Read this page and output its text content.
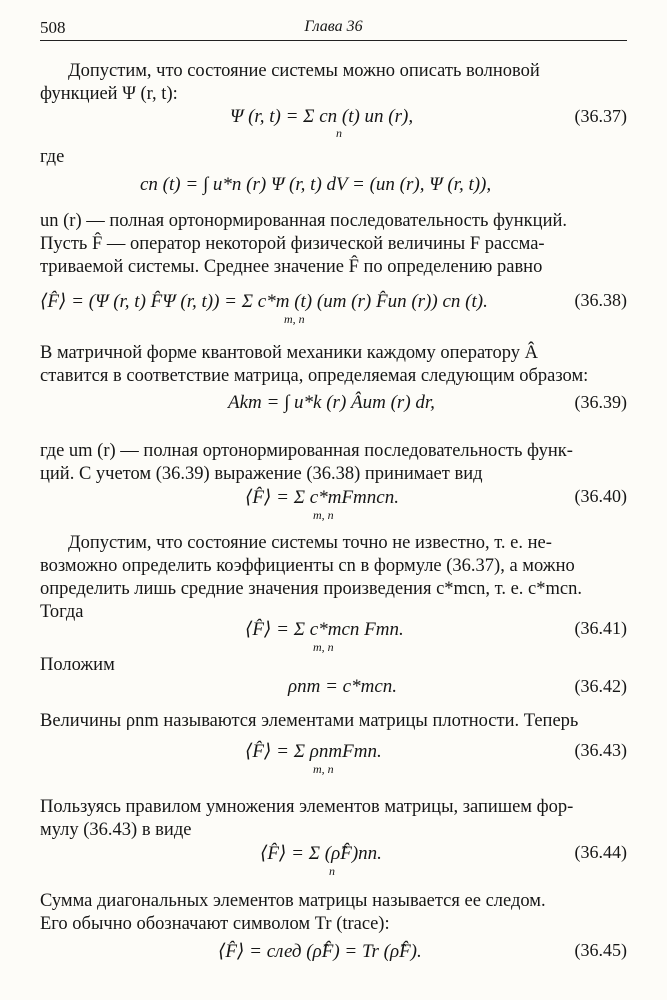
508	Глава 36
Допустим, что состояние системы можно описать волновой
функцией Ψ (r, t):
Ψ (r, t) = Σ cn (t) un (r),
n
(36.37)
где
cn (t) = ∫ u*n (r) Ψ (r, t) dV = (un (r), Ψ (r, t)),
un (r) — полная ортонормированная последовательность функций.
Пусть F̂ — оператор некоторой физической величины F рассма-
триваемой системы. Среднее значение F̂ по определению равно
⟨F̂⟩ = (Ψ (r, t) F̂Ψ (r, t)) = Σ c*m (t) (um (r) F̂un (r)) cn (t).
m, n
(36.38)
В матричной форме квантовой механики каждому оператору Â
ставится в соответствие матрица, определяемая следующим образом:
Akm = ∫ u*k (r) Âum (r) dr,	(36.39)
где um (r) — полная ортонормированная последовательность функ-
ций. С учетом (36.39) выражение (36.38) принимает вид
⟨F̂⟩ = Σ c*mFmncn.
m, n
(36.40)
Допустим, что состояние системы точно не известно, т. е. не-
возможно определить коэффициенты cn в формуле (36.37), а можно
определить лишь средние значения произведения c*mcn, т. е. c*mcn.
Тогда
⟨F̂⟩ = Σ c*mcn Fmn.
m, n
(36.41)
Положим
ρnm = c*mcn.	(36.42)
Величины ρnm называются элементами матрицы плотности. Теперь
⟨F̂⟩ = Σ ρnmFmn.
m, n
(36.43)
Пользуясь правилом умножения элементов матрицы, запишем фор-
мулу (36.43) в виде
⟨F̂⟩ = Σ (ρ̂F̂)nn.
n
(36.44)
Сумма диагональных элементов матрицы называется ее следом.
Его обычно обозначают символом Tr (trace):
⟨F̂⟩ = след (ρ̂F̂) = Tr (ρ̂F̂).	(36.45)
